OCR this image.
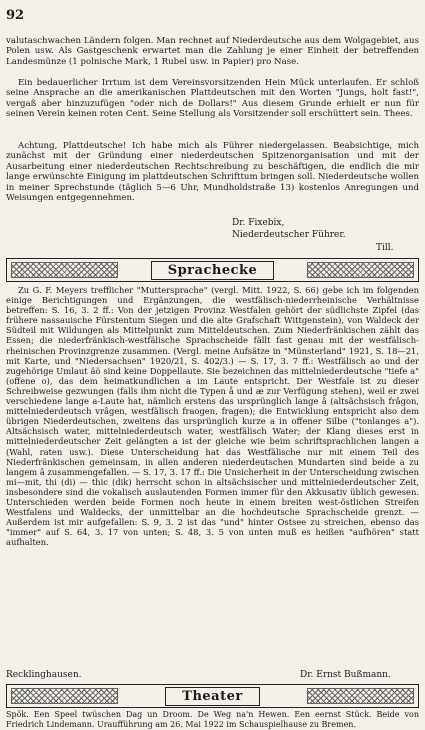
92

valutaschwachen Ländern folgen. Man rechnet auf Niederdeutsche aus dem Wolgagebiet, aus Polen usw. Als Gastgeschenk erwartet man die Zahlung je einer Einheit der betreffenden Landesmünze (1 polnische Mark, 1 Rubel usw. in Papier) pro Nase.

Ein bedauerlicher Irrtum ist dem Vereinsvorsitzenden Hein Mück unterlaufen. Er schloß seine Ansprache an die amerikanischen Plattdeutschen mit den Worten "Jungs, holt fast!", vergaß aber hinzuzufügen "oder nich de Dollars!" Aus diesem Grunde erhielt er nun für seinen Verein keinen roten Cent. Seine Stellung als Vorsitzender soll erschüttert sein. Thees.

Achtung, Plattdeutsche! Ich habe mich als Führer niedergelassen. Beabsichtige, mich zunächst mit der Gründung einer niederdeutschen Spitzenorganisation und mit der Ausarbeitung einer niederdeutschen Rechtschreibung zu beschäftigen, die endlich die mir lange erwünschte Einigung im plattdeutschen Schrifttum bringen soll. Niederdeutsche wollen in meiner Sprechstunde (täglich 5—6 Uhr, Mundholdstraße 13) kostenlos Anregungen und Weisungen entgegennehmen.

Dr. Fixebix,
Niederdeutscher Führer.
Till.
Sprachecke

Zu G. F. Meyers trefflicher "Muttersprache" (vergl. Mitt. 1922, S. 66) gebe ich im folgenden einige Berichtigungen und Ergänzungen, die westfälisch-niederrheinische Verhältnisse betreffen: S. 16, 3. 2 ff.: Von der jetzigen Provinz Westfalen gehört der südlichste Zipfel (das frühere nassauische Fürstentum Siegen und die alte Grafschaft Wittgenstein), von Waldeck der Südteil mit Wildungen als Mittelpunkt zum Mitteldeutschen. Zum Niederfränkischen zählt das Essen; die niederfränkisch-westfälische Sprachscheide fällt fast genau mit der westfälisch-rheinischen Provinzgrenze zusammen. (Vergl. meine Aufsätze in "Münsterland" 1921, S. 18—21, mit Karte, und "Niedersachsen" 1920/21, S. 402/3.) — S. 17, 3. 7 ff.: Westfälisch ao und der zugehörige Umlaut äö sind keine Doppellaute. Sie bezeichnen das mittelniederdeutsche "tiefe a" (offene o), das dem heimatkundlichen a im Laute entspricht. Der Westfale ist zu dieser Schreibweise gezwungen (falls ihm nicht die Typen å und æ zur Verfügung stehen), weil er zwei verschiedene lange a-Laute hat, nämlich erstens das ursprünglich lange â (altsächsisch frâgon, mittelniederdeutsch vrâgen, westfälisch fraogen, fragen); die Entwicklung entspricht also dem übrigen Niederdeutschen, zweitens das ursprünglich kurze a in offener Silbe ("tonlanges a"). Altsächsisch water, mittelniederdeutsch water, westfälisch Water; der Klang dieses erst in mittelniederdeutscher Zeit gelängten a ist der gleiche wie beim schriftsprachlichen langen a (Wahl, raten usw.). Diese Unterscheidung hat das Westfälische nur mit einem Teil des Niederfränkischen gemeinsam, in allen anderen niederdeutschen Mundarten sind beide a zu langem â zusammengefallen. — S. 17, 3. 17 ff.: Die Unsicherheit in der Unterscheidung zwischen mi—mit, thi (di) — thic (dik) herrscht schon in altsächsischer und mittelniederdeutscher Zeit, insbesondere sind die vokalisch auslautenden Formen immer für den Akkusativ üblich gewesen. Unterschieden werden beide Formen noch heute in einem breiten west-östlichen Streifen Westfalens und Waldecks, der unmittelbar an die hochdeutsche Sprachscheide grenzt. — Außerdem ist mir aufgefallen: S. 9, 3. 2 ist das "und" hinter Ostsee zu streichen, ebenso das "immer" auf S. 64, 3. 17 von unten; S. 48, 3. 5 von unten muß es heißen "aufhören" statt aufhalten.

Recklinghausen.	Dr. Ernst Bußmann.
Theater

Spök. Een Speel twüschen Dag un Droom. De Weg na'n Hewen. Een eernst Stück. Beide von Friedrich Lindemann. Uraufführung am 26. Mai 1922 im Schauspielhause zu Bremen.
